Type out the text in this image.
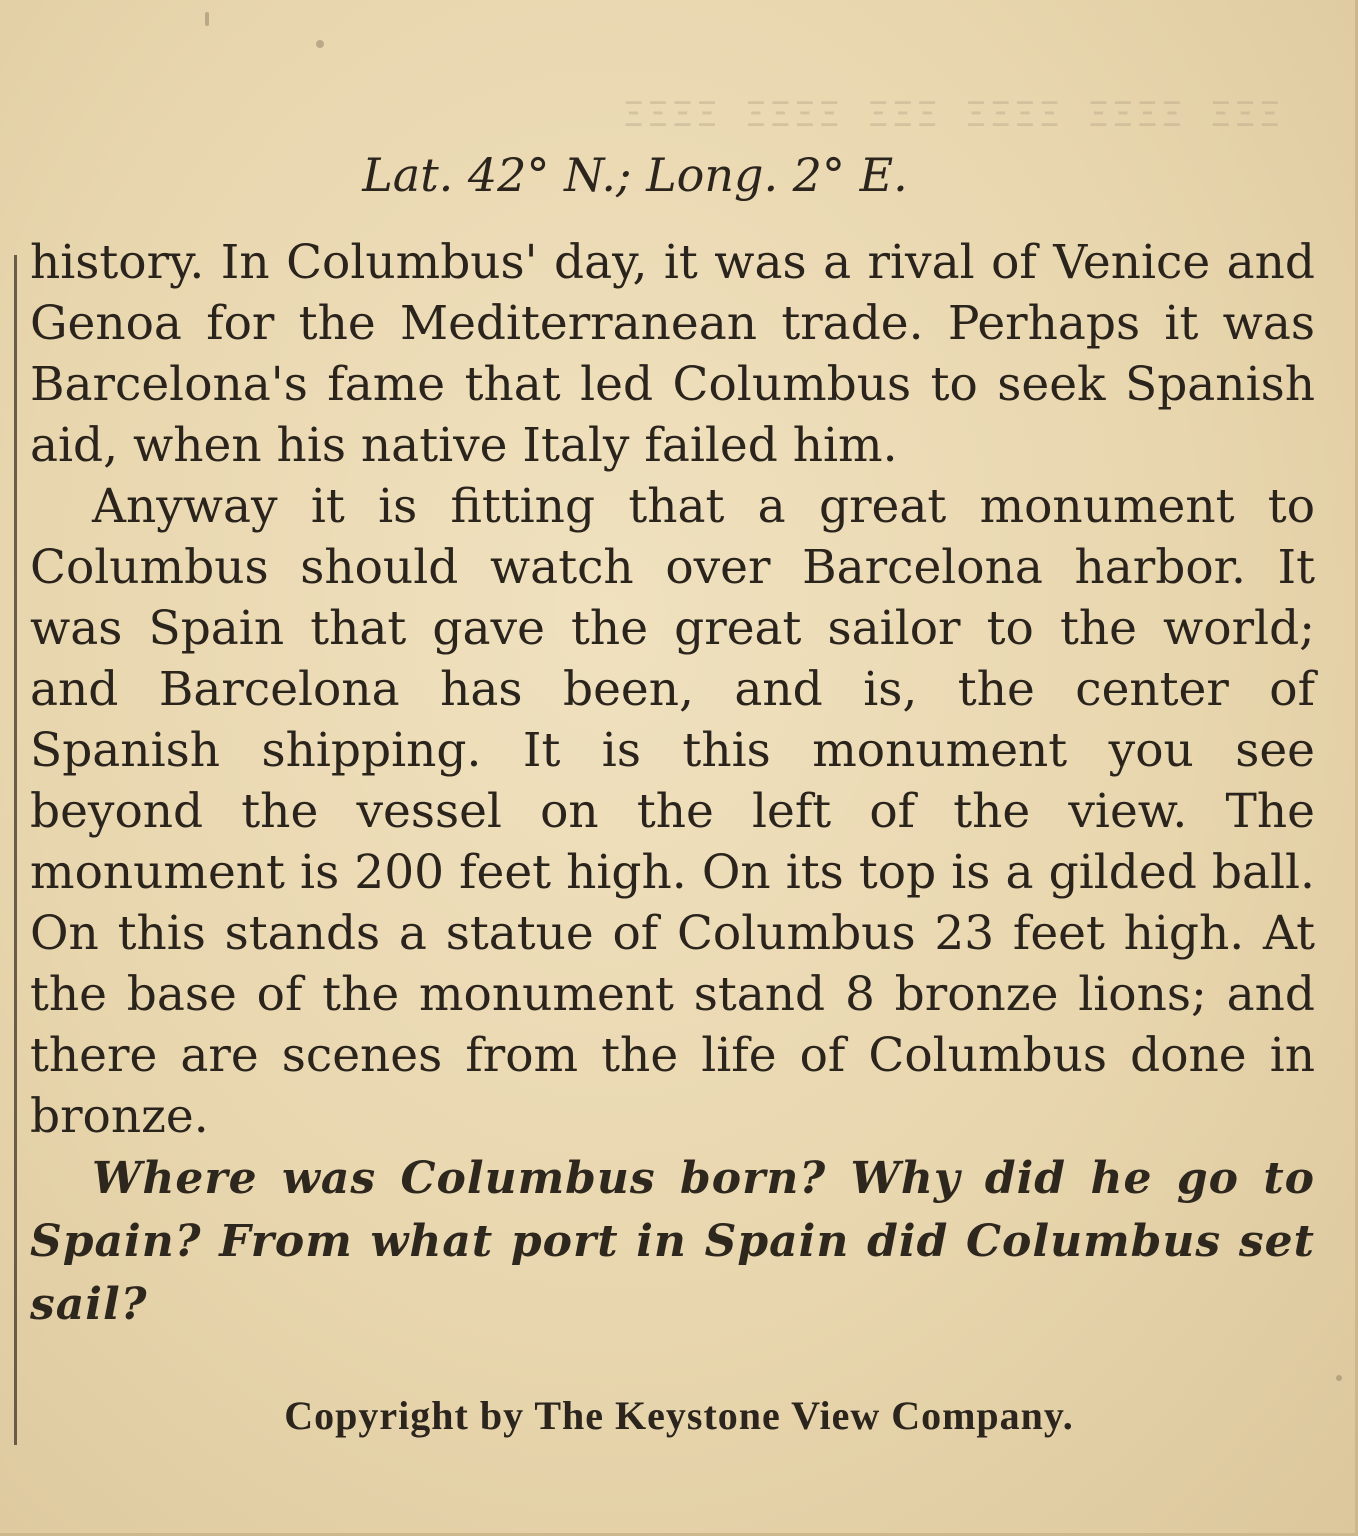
ΞΞΞ ΞΞΞΞ ΞΞΞΞ ΞΞΞ ΞΞΞΞ ΞΞΞΞ
Lat. 42° N.; Long. 2° E.

history. In Columbus' day, it was a rival of Venice and Genoa for the Mediterranean trade. Perhaps it was Barcelona's fame that led Columbus to seek Spanish aid, when his native Italy failed him.

Anyway it is fitting that a great monument to Columbus should watch over Barcelona harbor. It was Spain that gave the great sailor to the world; and Barcelona has been, and is, the center of Spanish shipping. It is this monument you see beyond the vessel on the left of the view. The monument is 200 feet high. On its top is a gilded ball. On this stands a statue of Columbus 23 feet high. At the base of the monument stand 8 bronze lions; and there are scenes from the life of Columbus done in bronze.

Where was Columbus born? Why did he go to Spain? From what port in Spain did Columbus set sail?

Copyright by The Keystone View Company.
